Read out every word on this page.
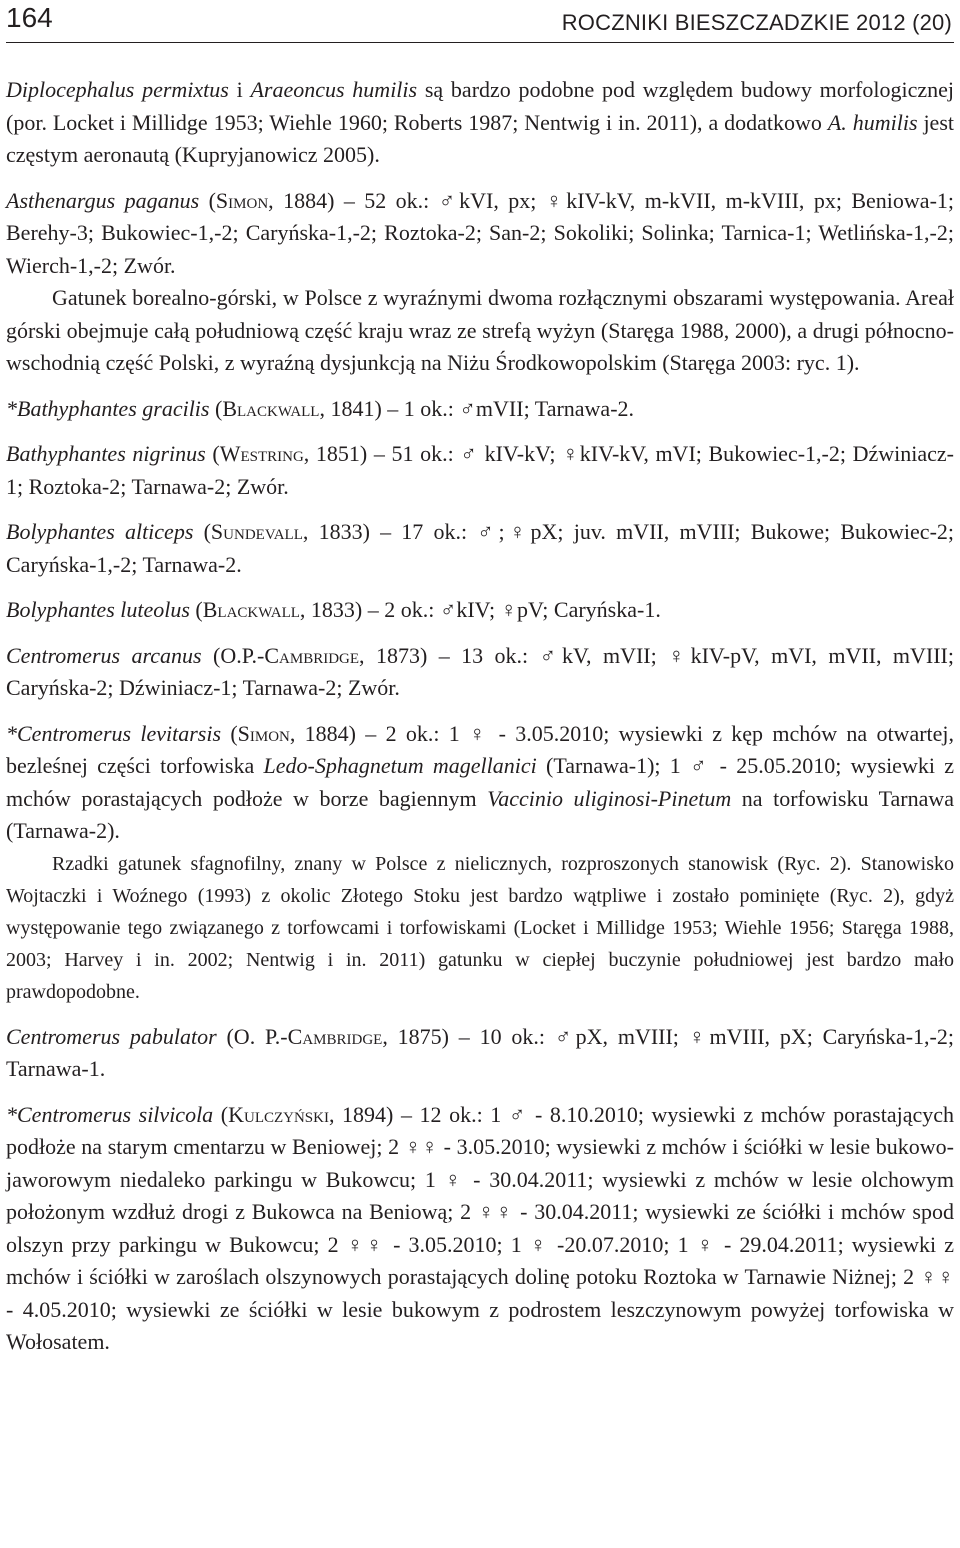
164	ROCZNIKI BIESZCZADZKIE 2012 (20)

Diplocephalus permixtus i Araeoncus humilis są bardzo podobne pod względem budowy morfologicznej (por. Locket i Millidge 1953; Wiehle 1960; Roberts 1987; Nentwig i in. 2011), a dodatkowo A. humilis jest częstym aeronautą (Kupryjanowicz 2005).

Asthenargus paganus (Simon, 1884) – 52 ok.: ♂kVI, px; ♀kIV-kV, m-kVII, m-kVIII, px; Beniowa-1; Berehy-3; Bukowiec-1,-2; Caryńska-1,-2; Roztoka-2; San-2; Sokoliki; Solinka; Tarnica-1; Wetlińska-1,-2; Wierch-1,-2; Zwór.

Gatunek borealno-górski, w Polsce z wyraźnymi dwoma rozłącznymi obszarami występowania. Areał górski obejmuje całą południową część kraju wraz ze strefą wyżyn (Staręga 1988, 2000), a drugi północno-wschodnią część Polski, z wyraźną dysjunkcją na Niżu Środkowopolskim (Staręga 2003: ryc. 1).

*Bathyphantes gracilis (Blackwall, 1841) – 1 ok.: ♂mVII; Tarnawa-2.

Bathyphantes nigrinus (Westring, 1851) – 51 ok.: ♂ kIV-kV; ♀kIV-kV, mVI; Bukowiec-1,-2; Dźwiniacz-1; Roztoka-2; Tarnawa-2; Zwór.

Bolyphantes alticeps (Sundevall, 1833) – 17 ok.: ♂;♀pX; juv. mVII, mVIII; Bukowe; Bukowiec-2; Caryńska-1,-2; Tarnawa-2.

Bolyphantes luteolus (Blackwall, 1833) – 2 ok.: ♂kIV; ♀pV; Caryńska-1.

Centromerus arcanus (O.P.-Cambridge, 1873) – 13 ok.: ♂kV, mVII; ♀kIV-pV, mVI, mVII, mVIII; Caryńska-2; Dźwiniacz-1; Tarnawa-2; Zwór.

*Centromerus levitarsis (Simon, 1884) – 2 ok.: 1 ♀ - 3.05.2010; wysiewki z kęp mchów na otwartej, bezleśnej części torfowiska Ledo-Sphagnetum magellanici (Tarnawa-1); 1 ♂ - 25.05.2010; wysiewki z mchów porastających podłoże w borze bagiennym Vaccinio uliginosi-Pinetum na torfowisku Tarnawa (Tarnawa-2).

Rzadki gatunek sfagnofilny, znany w Polsce z nielicznych, rozproszonych stanowisk (Ryc. 2). Stanowisko Wojtaczki i Woźnego (1993) z okolic Złotego Stoku jest bardzo wątpliwe i zostało pominięte (Ryc. 2), gdyż występowanie tego związanego z torfowcami i torfowiskami (Locket i Millidge 1953; Wiehle 1956; Staręga 1988, 2003; Harvey i in. 2002; Nentwig i in. 2011) gatunku w ciepłej buczynie południowej jest bardzo mało prawdopodobne.

Centromerus pabulator (O. P.-Cambridge, 1875) – 10 ok.: ♂pX, mVIII; ♀mVIII, pX; Caryńska-1,-2; Tarnawa-1.

*Centromerus silvicola (Kulczyński, 1894) – 12 ok.: 1 ♂ - 8.10.2010; wysiewki z mchów porastających podłoże na starym cmentarzu w Beniowej; 2 ♀♀ - 3.05.2010; wysiewki z mchów i ściółki w lesie bukowo-jaworowym niedaleko parkingu w Bukowcu; 1 ♀ - 30.04.2011; wysiewki z mchów w lesie olchowym położonym wzdłuż drogi z Bukowca na Beniową; 2 ♀♀ - 30.04.2011; wysiewki ze ściółki i mchów spod olszyn przy parkingu w Bukowcu; 2 ♀♀ - 3.05.2010; 1 ♀ -20.07.2010; 1 ♀ - 29.04.2011; wysiewki z mchów i ściółki w zaroślach olszynowych porastających dolinę potoku Roztoka w Tarnawie Niżnej; 2 ♀♀ - 4.05.2010; wysiewki ze ściółki w lesie bukowym z podrostem leszczynowym powyżej torfowiska w Wołosatem.
